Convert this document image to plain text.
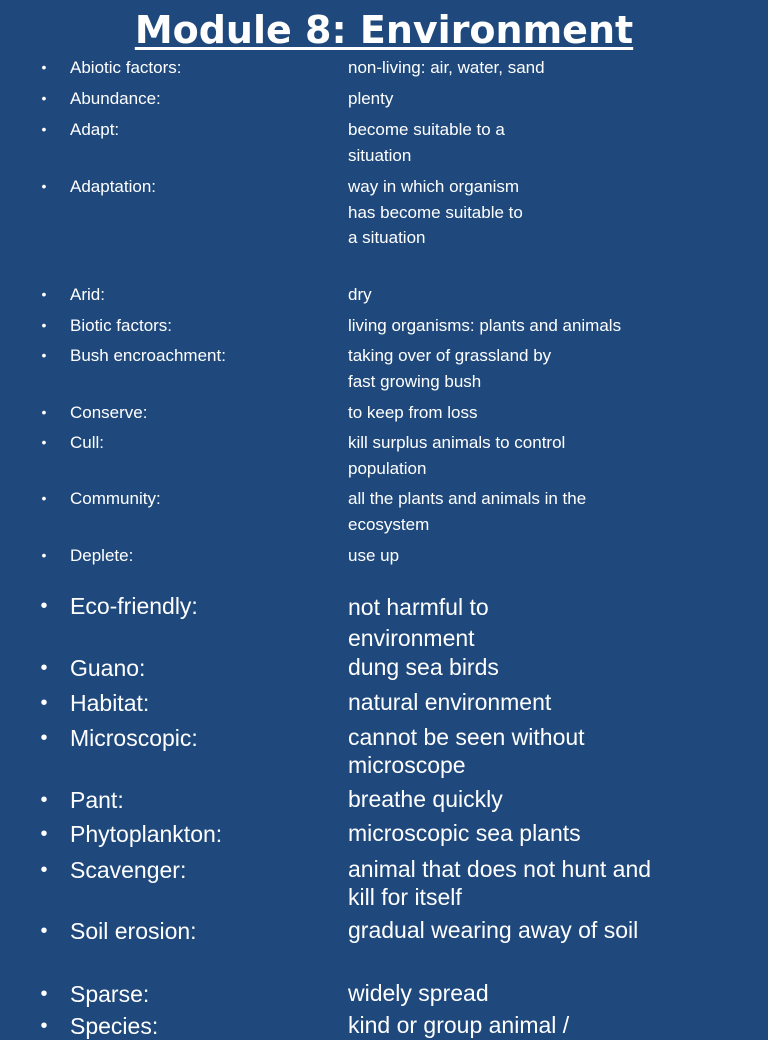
Module 8: Environment
• Abiotic factors:	non-living: air, water, sand
• Abundance:	plenty
• Adapt:	become suitable to a situation
• Adaptation:	way in which organism has become suitable to a situation
• Arid:	dry
• Biotic factors:	living organisms: plants and animals
• Bush encroachment:	taking over of grassland by fast growing bush
• Conserve:	to keep from loss
• Cull:	kill surplus animals to control population
• Community:	all the plants and animals in the ecosystem
• Deplete:	use up
• Eco-friendly:	not harmful to environment
• Guano:	dung sea birds
• Habitat:	natural environment
• Microscopic:	cannot be seen without microscope
• Pant:	breathe quickly
• Phytoplankton:	microscopic sea plants
• Scavenger:	animal that does not hunt and kill for itself
• Soil erosion:	gradual wearing away of soil
• Sparse:	widely spread
• Species:	kind or group animal /
